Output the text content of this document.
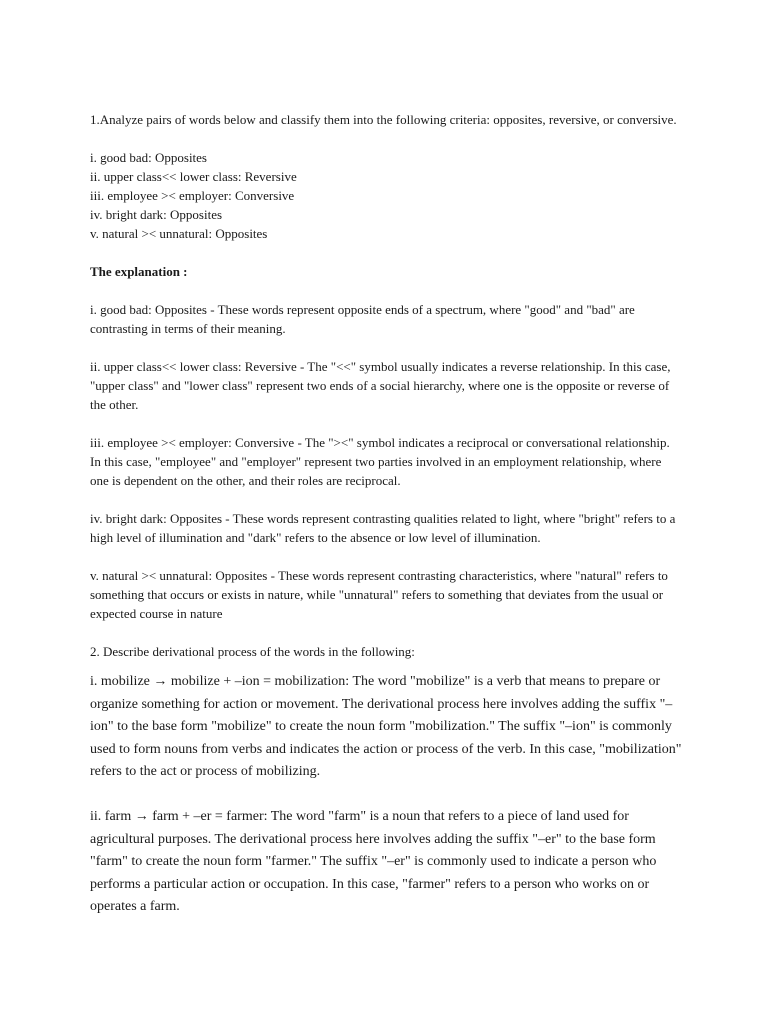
1.Analyze pairs of words below and classify them into the following criteria: opposites, reversive, or conversive.

i. good bad: Opposites
ii. upper class<< lower class: Reversive
iii. employee >< employer: Conversive
iv. bright dark: Opposites
v. natural >< unnatural: Opposites

The explanation :

i. good bad: Opposites - These words represent opposite ends of a spectrum, where "good" and "bad" are contrasting in terms of their meaning.

ii. upper class<< lower class: Reversive - The "<<" symbol usually indicates a reverse relationship. In this case, "upper class" and "lower class" represent two ends of a social hierarchy, where one is the opposite or reverse of the other.

iii. employee >< employer: Conversive - The "><" symbol indicates a reciprocal or conversational relationship. In this case, "employee" and "employer" represent two parties involved in an employment relationship, where one is dependent on the other, and their roles are reciprocal.

iv. bright dark: Opposites - These words represent contrasting qualities related to light, where "bright" refers to a high level of illumination and "dark" refers to the absence or low level of illumination.

v. natural >< unnatural: Opposites - These words represent contrasting characteristics, where "natural" refers to something that occurs or exists in nature, while "unnatural" refers to something that deviates from the usual or expected course in nature

2. Describe derivational process of the words in the following:

i. mobilize → mobilize + –ion = mobilization: The word "mobilize" is a verb that means to prepare or organize something for action or movement. The derivational process here involves adding the suffix "–ion" to the base form "mobilize" to create the noun form "mobilization." The suffix "–ion" is commonly used to form nouns from verbs and indicates the action or process of the verb. In this case, "mobilization" refers to the act or process of mobilizing.

ii. farm → farm + –er = farmer: The word "farm" is a noun that refers to a piece of land used for agricultural purposes. The derivational process here involves adding the suffix "–er" to the base form "farm" to create the noun form "farmer." The suffix "–er" is commonly used to indicate a person who performs a particular action or occupation. In this case, "farmer" refers to a person who works on or operates a farm.
